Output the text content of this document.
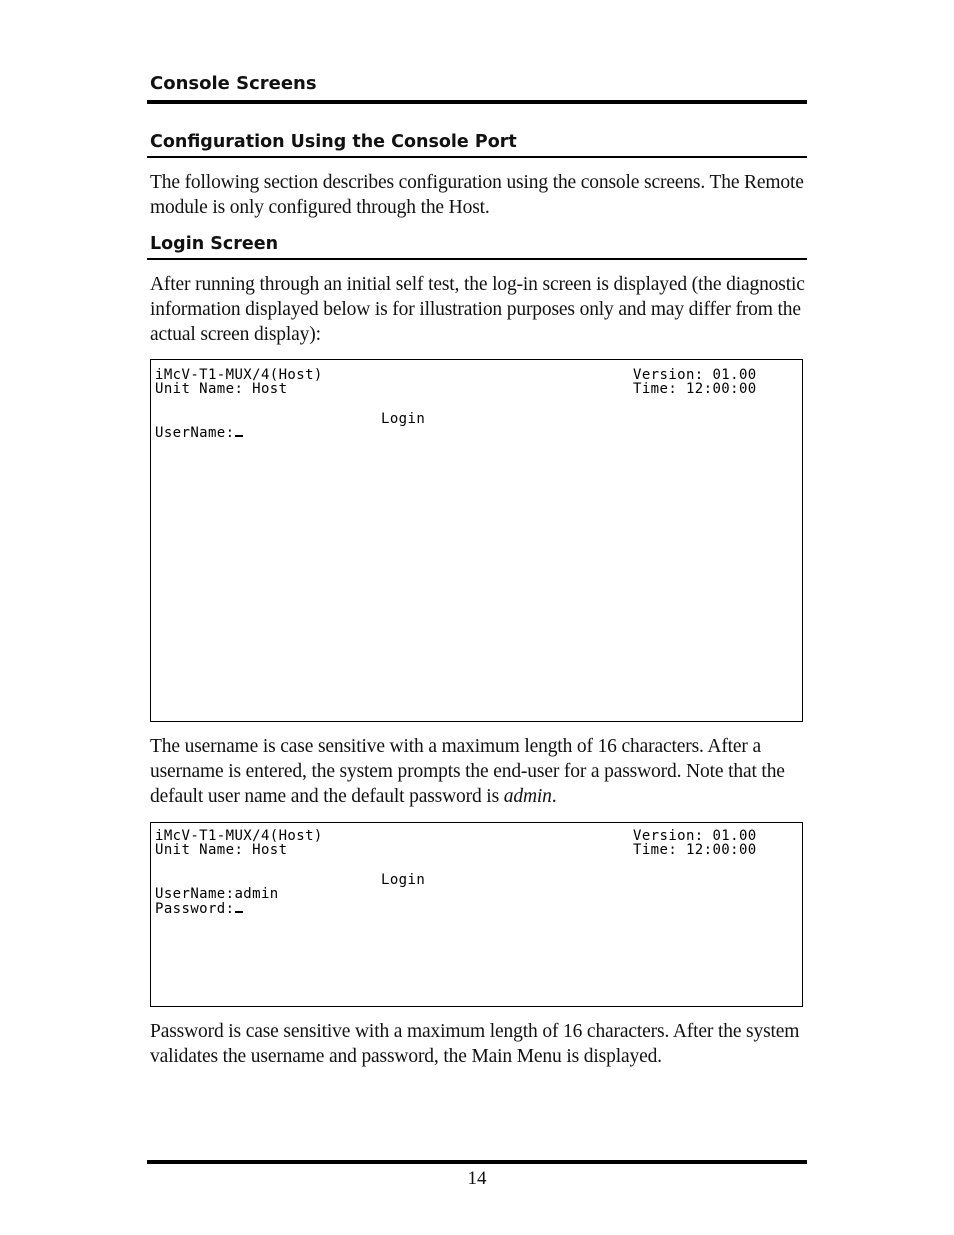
Console Screens
Configuration Using the Console Port
The following section describes configuration using the console screens. The Remote
module is only configured through the Host.
Login Screen
After running through an initial self test, the log-in screen is displayed (the diagnostic
information displayed below is for illustration purposes only and may differ from the
actual screen display):
iMcV-T1-MUX/4(Host)
Unit Name: Host
Version: 01.00
Time: 12:00:00
Login
UserName:
The username is case sensitive with a maximum length of 16 characters. After a
username is entered, the system prompts the end-user for a password. Note that the
default user name and the default password is admin.
iMcV-T1-MUX/4(Host)
Unit Name: Host
Version: 01.00
Time: 12:00:00
Login
UserName:admin
Password:
Password is case sensitive with a maximum length of 16 characters. After the system
validates the username and password, the Main Menu is displayed.
14
